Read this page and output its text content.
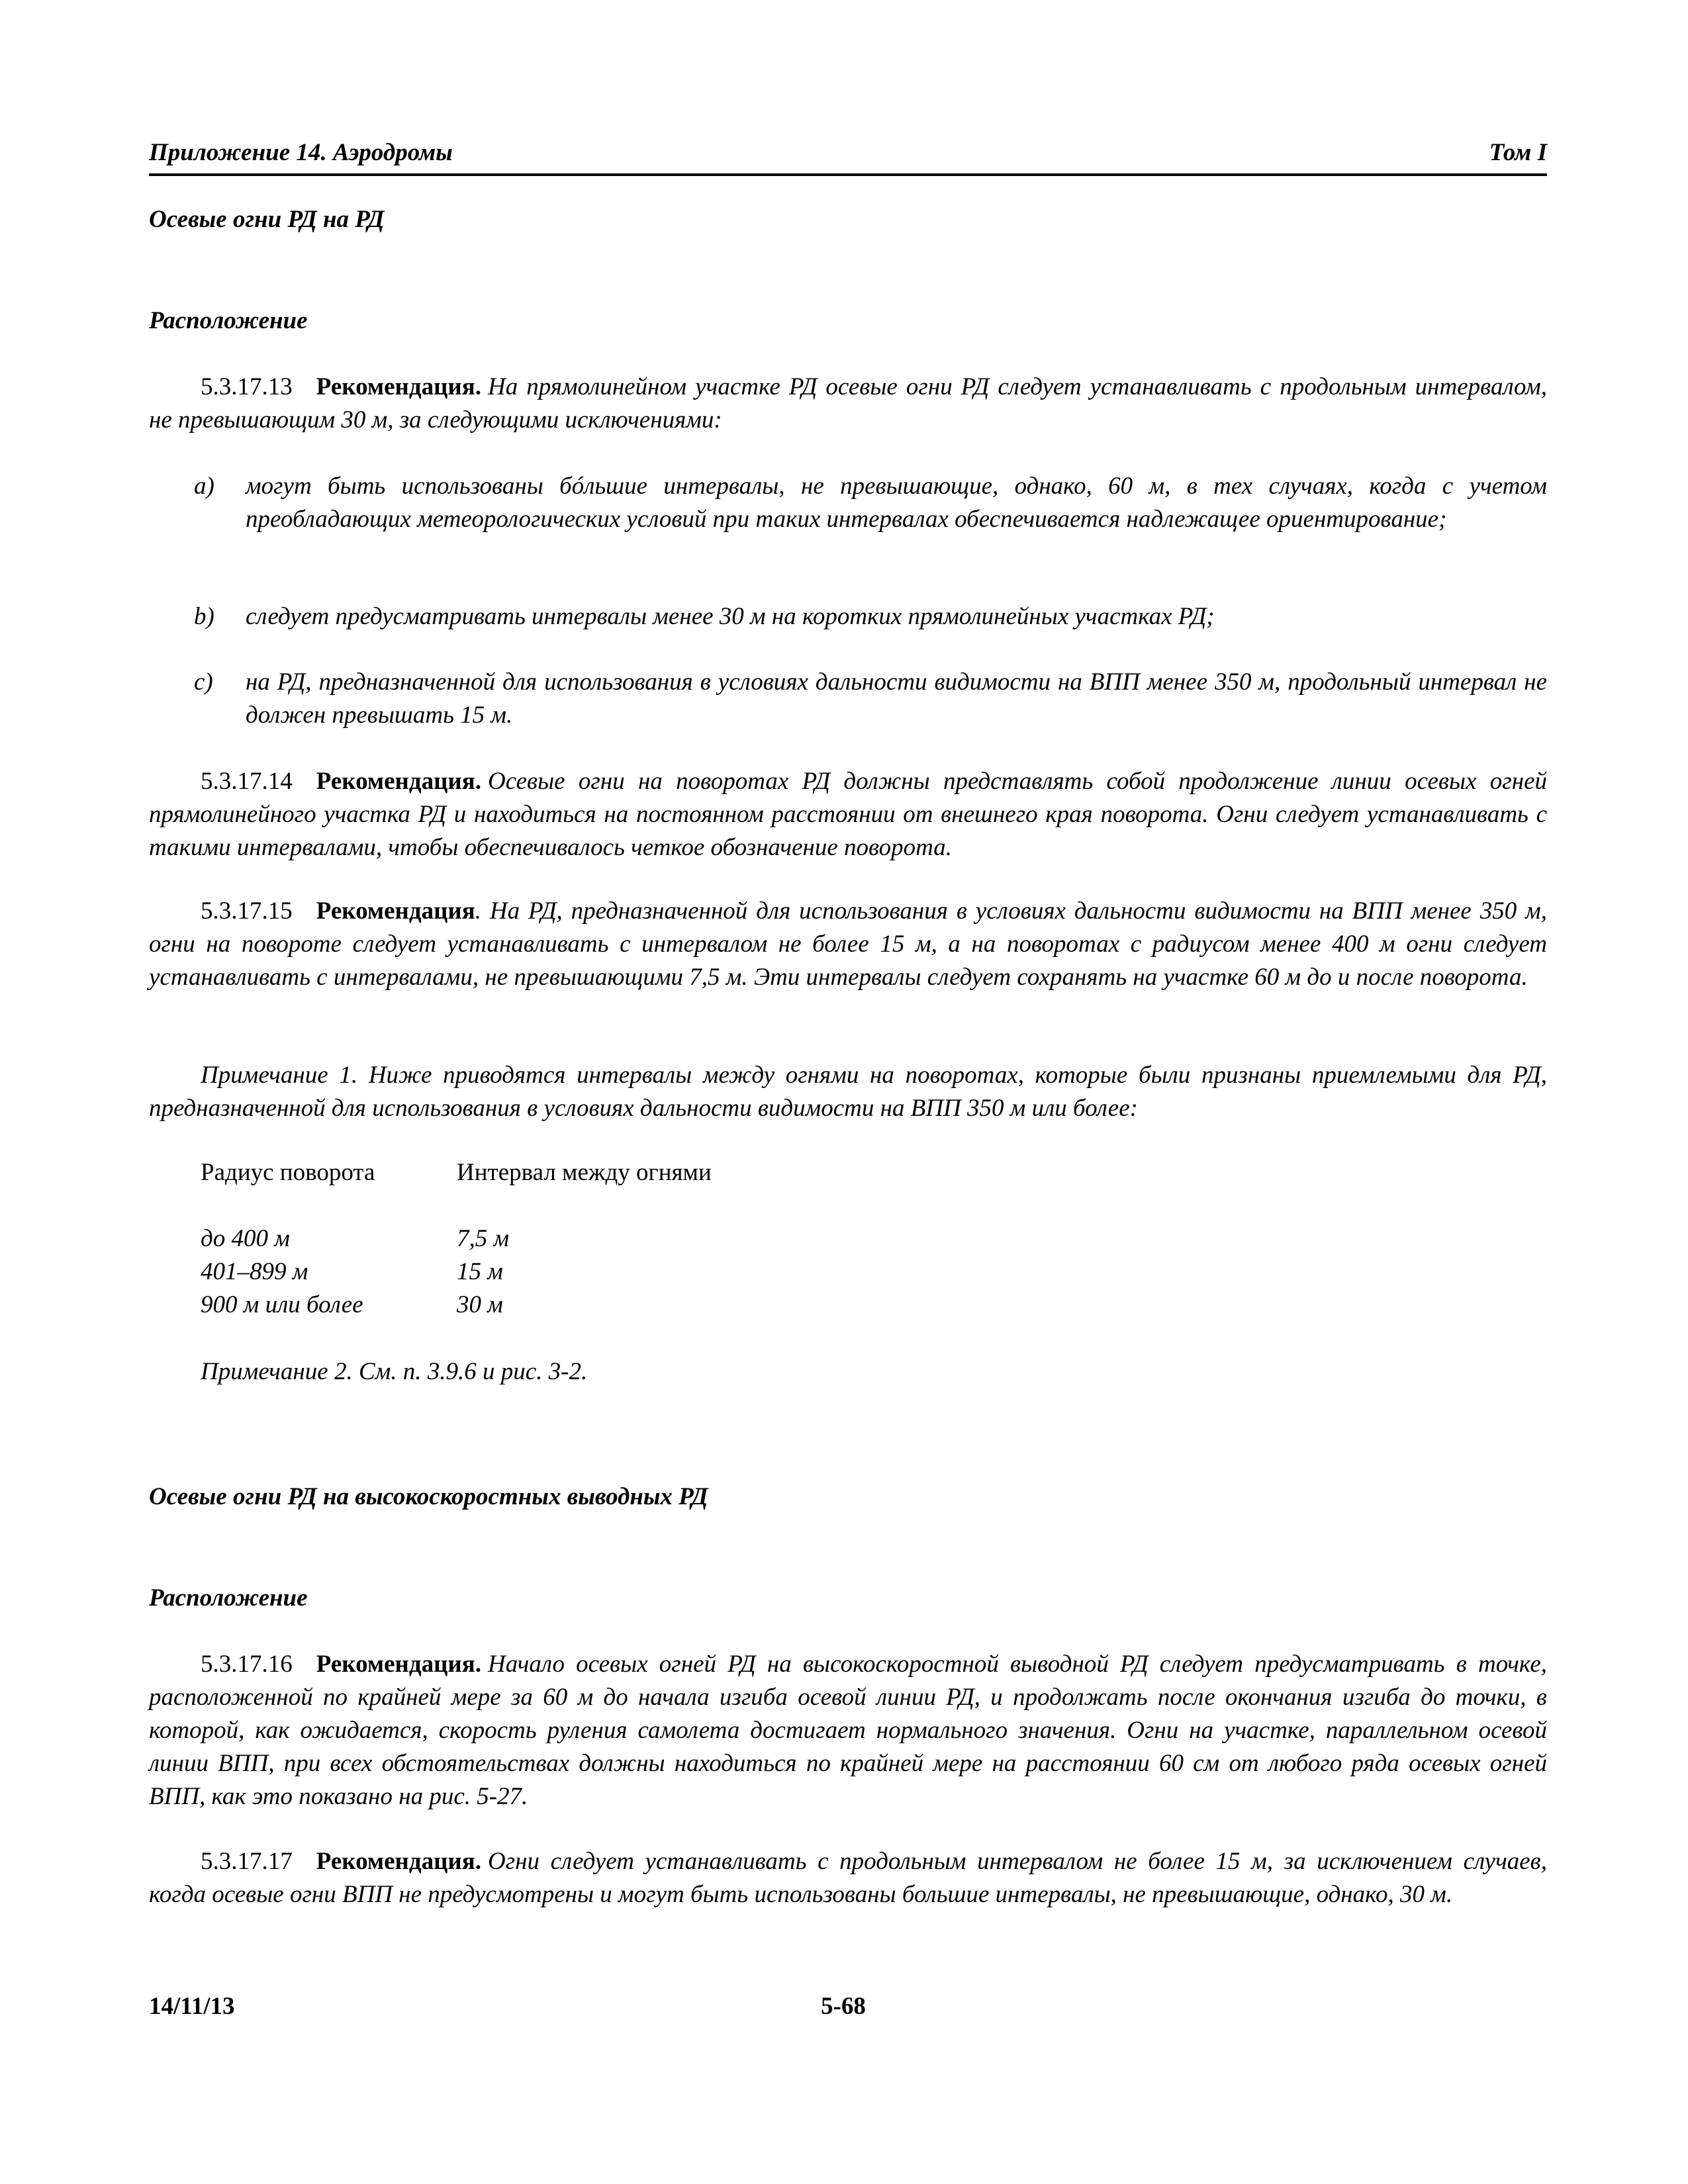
Приложение 14. Аэродромы	Том I
Осевые огни РД на РД
Расположение
5.3.17.13 Рекомендация. На прямолинейном участке РД осевые огни РД следует устанавливать с продольным интервалом, не превышающим 30 м, за следующими исключениями:
a) могут быть использованы бóльшие интервалы, не превышающие, однако, 60 м, в тех случаях, когда с учетом преобладающих метеорологических условий при таких интервалах обеспечивается надлежащее ориентирование;
b) следует предусматривать интервалы менее 30 м на коротких прямолинейных участках РД;
c) на РД, предназначенной для использования в условиях дальности видимости на ВПП менее 350 м, продольный интервал не должен превышать 15 м.
5.3.17.14 Рекомендация. Осевые огни на поворотах РД должны представлять собой продолжение линии осевых огней прямолинейного участка РД и находиться на постоянном расстоянии от внешнего края поворота. Огни следует устанавливать с такими интервалами, чтобы обеспечивалось четкое обозначение поворота.
5.3.17.15 Рекомендация. На РД, предназначенной для использования в условиях дальности видимости на ВПП менее 350 м, огни на повороте следует устанавливать с интервалом не более 15 м, а на поворотах с радиусом менее 400 м огни следует устанавливать с интервалами, не превышающими 7,5 м. Эти интервалы следует сохранять на участке 60 м до и после поворота.
Примечание 1. Ниже приводятся интервалы между огнями на поворотах, которые были признаны приемлемыми для РД, предназначенной для использования в условиях дальности видимости на ВПП 350 м или более:
Радиус поворота	Интервал между огнями
до 400 м	7,5 м
401–899 м	15 м
900 м или более	30 м
Примечание 2. См. п. 3.9.6 и рис. 3-2.
Осевые огни РД на высокоскоростных выводных РД
Расположение
5.3.17.16 Рекомендация. Начало осевых огней РД на высокоскоростной выводной РД следует предусматривать в точке, расположенной по крайней мере за 60 м до начала изгиба осевой линии РД, и продолжать после окончания изгиба до точки, в которой, как ожидается, скорость руления самолета достигает нормального значения. Огни на участке, параллельном осевой линии ВПП, при всех обстоятельствах должны находиться по крайней мере на расстоянии 60 см от любого ряда осевых огней ВПП, как это показано на рис. 5-27.
5.3.17.17 Рекомендация. Огни следует устанавливать с продольным интервалом не более 15 м, за исключением случаев, когда осевые огни ВПП не предусмотрены и могут быть использованы большие интервалы, не превышающие, однако, 30 м.
14/11/13	5-68
